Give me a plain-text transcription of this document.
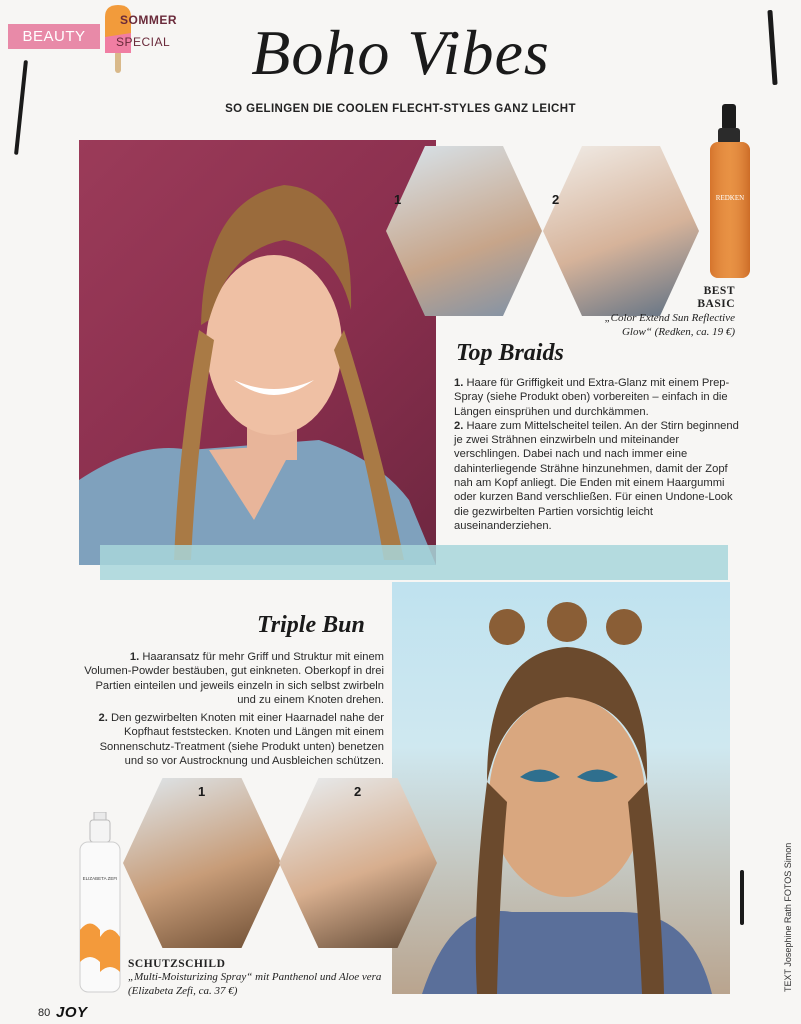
BEAUTY
SOMMER
SPECIAL	Boho Vibes
SO GELINGEN DIE COOLEN FLECHT-STYLES GANZ LEICHT
1	2	REDKEN
BEST
BASIC
„Color Extend Sun Reflective Glow“ (Redken, ca. 19 €)
Top Braids

1. Haare für Griffigkeit und Extra-Glanz mit einem Prep-Spray (siehe Produkt oben) vorbereiten – einfach in die Längen einsprühen und durchkämmen.

2. Haare zum Mittelscheitel teilen. An der Stirn beginnend je zwei Strähnen einzwirbeln und miteinander verschlingen. Dabei nach und nach immer eine dahinterliegende Strähne hinzunehmen, damit der Zopf nah am Kopf anliegt. Die Enden mit einem Haargummi oder kurzen Band verschließen. Für einen Undone-Look die gezwirbelten Partien vorsichtig leicht auseinanderziehen.

Triple Bun

1. Haaransatz für mehr Griff und Struktur mit einem Volumen-Powder bestäuben, gut einkneten. Oberkopf in drei Partien einteilen und jeweils einzeln in sich selbst zwirbeln und zu einem Knoten drehen.

2. Den gezwirbelten Knoten mit einer Haarnadel nahe der Kopfhaut feststecken. Knoten und Längen mit einem Sonnenschutz-Treatment (siehe Produkt unten) benetzen und so vor Austrocknung und Ausbleichen schützen.

1	2
ELIZABETA ZEFI
SCHUTZSCHILD
„Multi-Moisturizing Spray“ mit Panthenol und Aloe vera (Elizabeta Zefi, ca. 37 €)
80 JOY
TEXT Josephine Rath FOTOS Simon
